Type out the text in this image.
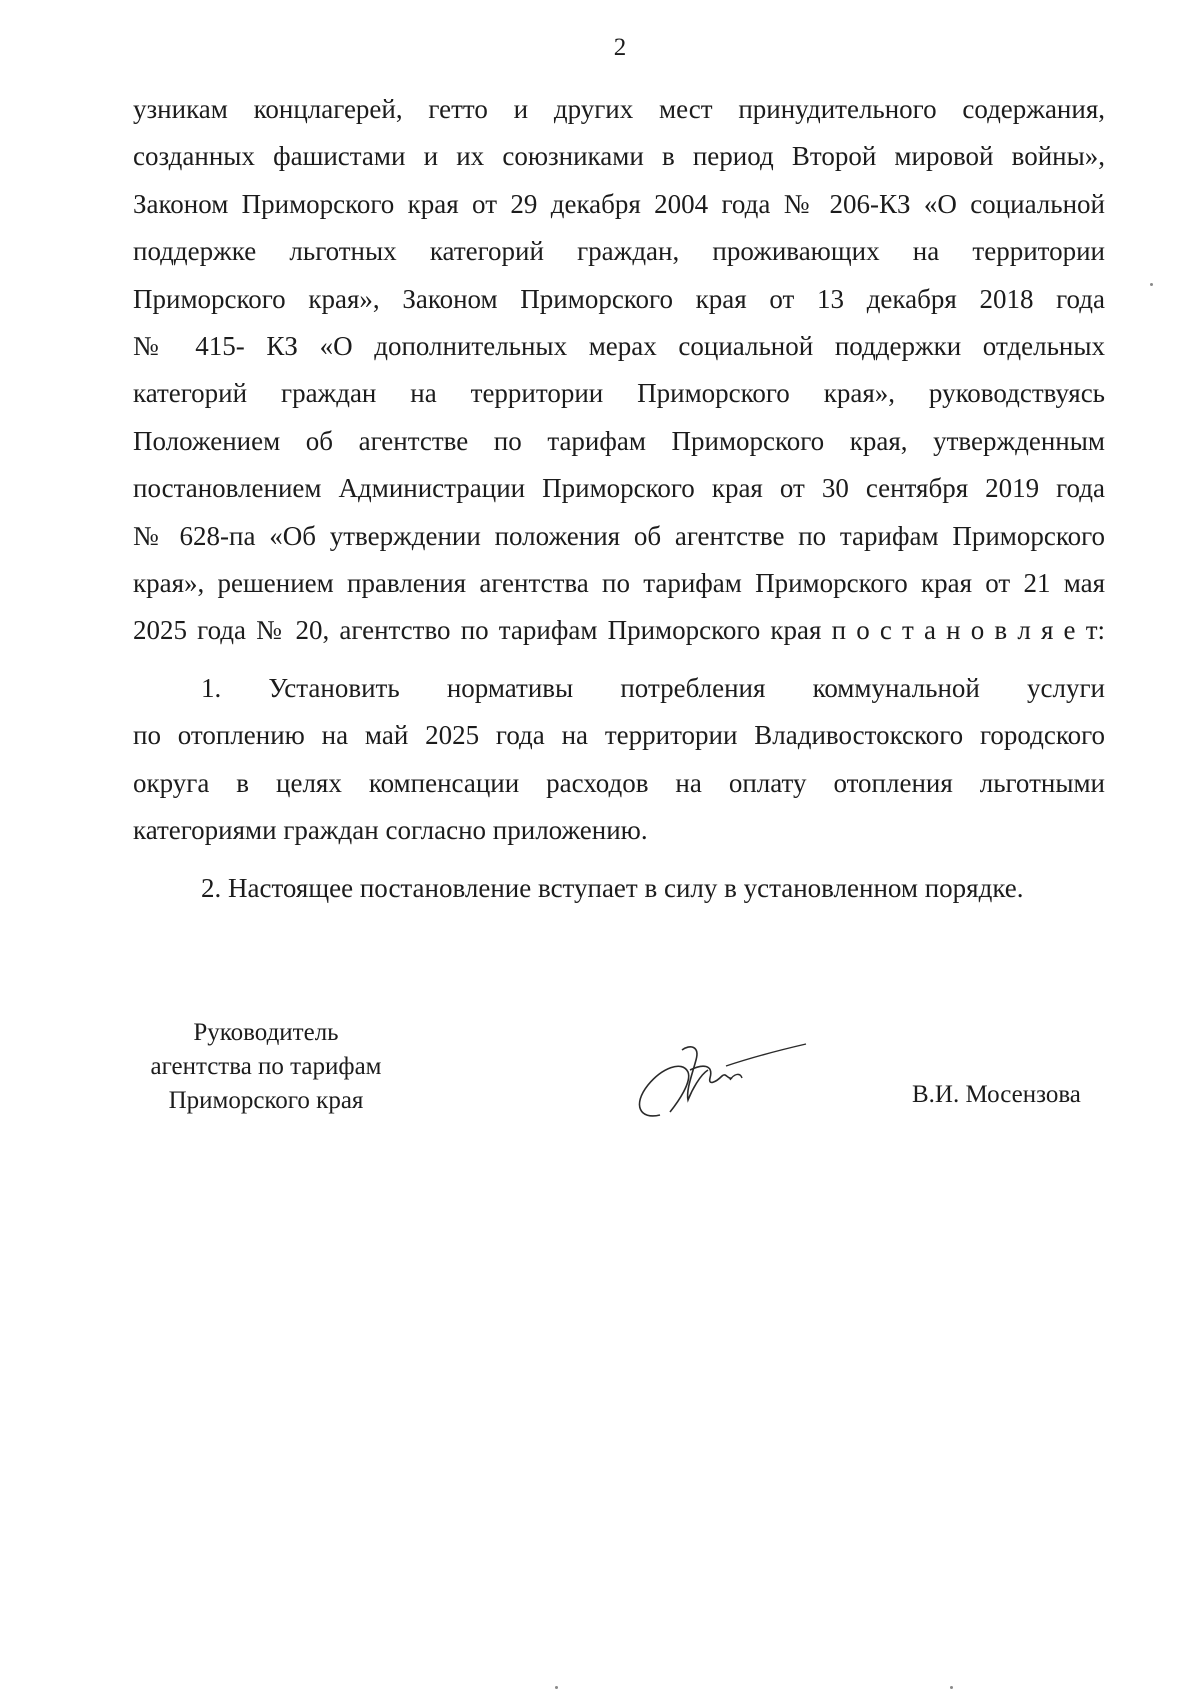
2
узникам концлагерей, гетто и других мест принудительного содержания,
созданных фашистами и их союзниками в период Второй мировой войны»,
Законом Приморского края от 29 декабря 2004 года № 206-КЗ «О социальной
поддержке льготных категорий граждан, проживающих на территории
Приморского края», Законом Приморского края от 13 декабря 2018 года
№ 415- КЗ «О дополнительных мерах социальной поддержки отдельных
категорий граждан на территории Приморского края», руководствуясь
Положением об агентстве по тарифам Приморского края, утвержденным
постановлением Администрации Приморского края от 30 сентября 2019 года
№ 628-па «Об утверждении положения об агентстве по тарифам Приморского
края», решением правления агентства по тарифам Приморского края от 21 мая
2025 года № 20, агентство по тарифам Приморского края п о с т а н о в л я е т:
1. Установить нормативы потребления коммунальной услуги
по отоплению на май 2025 года на территории Владивостокского городского
округа в целях компенсации расходов на оплату отопления льготными
категориями граждан согласно приложению.
2. Настоящее постановление вступает в силу в установленном порядке.
Руководитель
агентства по тарифам
Приморского края	В.И. Мосензова
